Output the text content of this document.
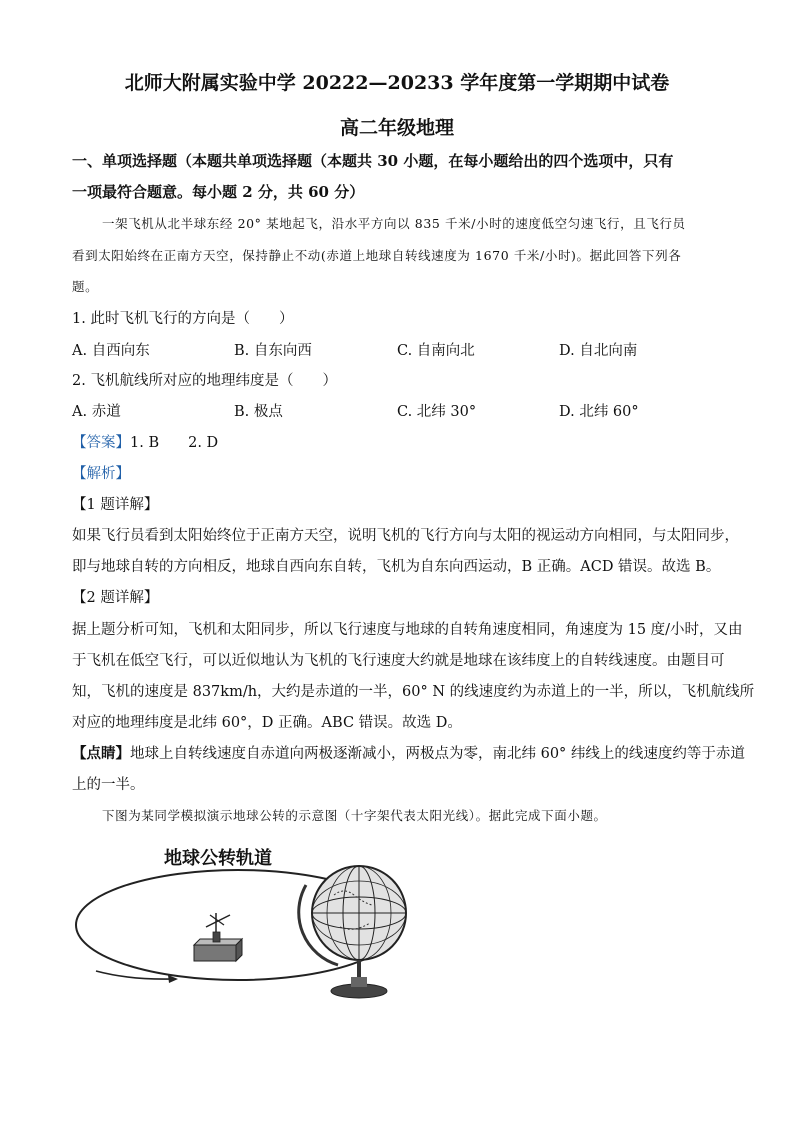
北师大附属实验中学 20222—20233 学年度第一学期期中试卷
高二年级地理
一、单项选择题（本题共单项选择题（本题共 30 小题，在每小题给出的四个选项中，只有
一项最符合题意。每小题 2 分，共 60 分）
一架飞机从北半球东经 20° 某地起飞，沿水平方向以 835 千米/小时的速度低空匀速飞行，且飞行员
看到太阳始终在正南方天空，保持静止不动(赤道上地球自转线速度为 1670 千米/小时)。据此回答下列各
题。
1. 此时飞机飞行的方向是（　　）
A. 自西向东	B. 自东向西	C. 自南向北	D. 自北向南
2. 飞机航线所对应的地理纬度是（　　）
A. 赤道	B. 极点	C. 北纬 30°	D. 北纬 60°
【答案】1. B　　2. D
【解析】
【1 题详解】
如果飞行员看到太阳始终位于正南方天空，说明飞机的飞行方向与太阳的视运动方向相同，与太阳同步，
即与地球自转的方向相反，地球自西向东自转，飞机为自东向西运动，B 正确。ACD 错误。故选 B。
【2 题详解】
据上题分析可知，飞机和太阳同步，所以飞行速度与地球的自转角速度相同，角速度为 15 度/小时，又由
于飞机在低空飞行，可以近似地认为飞机的飞行速度大约就是地球在该纬度上的自转线速度。由题目可
知，飞机的速度是 837km/h，大约是赤道的一半，60° N 的线速度约为赤道上的一半，所以，飞机航线所
对应的地理纬度是北纬 60°，D 正确。ABC 错误。故选 D。
【点睛】地球上自转线速度自赤道向两极逐渐减小，两极点为零，南北纬 60° 纬线上的线速度约等于赤道
上的一半。
下图为某同学模拟演示地球公转的示意图（十字架代表太阳光线）。据此完成下面小题。
地球公转轨道
